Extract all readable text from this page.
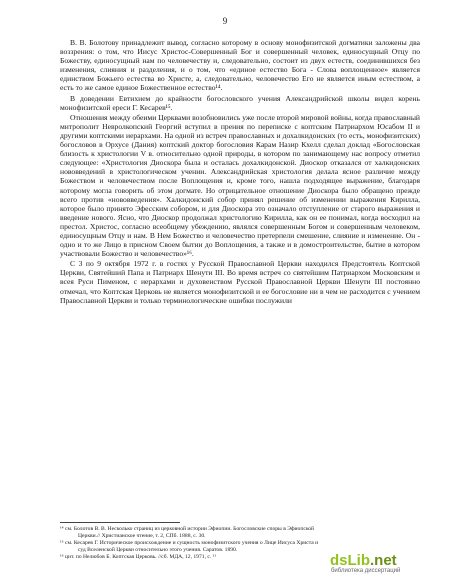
9

В. В. Болотову принадлежит вывод, согласно которому в основу монофизитской догматики заложены два воззрения: о том, что Иисус Христос-Совершенный Бог и совершенный человек, единосущный Отцу по Божеству, единосущный нам по человечеству и, следовательно, состоит из двух естеств, соединившихся без изменения, слияния и разделения, и о том, что «единое естество Бога - Слова воплощенное» является единством Божьего естества во Христе, а, следовательно, человечество Его не является иным естеством, а есть то же самое единое Божественное естество¹⁴.

В доведении Евтихием до крайности богословского учения Александрийской школы видел корень монофизитской ереси Г. Кесарев¹⁵.

Отношения между обеими Церквами возобновились уже после второй мировой войны, когда православный митрополит Невролкопский Георгий вступил в прения по переписке с коптским Патриархом Юсабом II и другими коптскими иерархами. На одной из встреч православных и дохалкидонских (то есть, монофизитских) богословов в Орхусе (Дания) коптский доктор богословия Карам Назир Кхелл сделал доклад «Богословская близость к христологии V в. относительно одной природы, в котором по занимающему нас вопросу отметил следующее: «Христология Диоскора была и осталась дохалкидонской. Диоскор отказался от халкидонских нововведений в христологическом учении. Александрийская христология делала ясное различие между Божеством и человечеством после Воплощения и, кроме того, нашла подходящее выражение, благодаря которому могла говорить об этом догмате. Но отрицательное отношение Диоскора было обращено прежде всего против «нововведения». Халкидонский собор принял решение об изменении выражения Кирилла, которое было принято Эфесским собором, и для Диоскора это означало отступление от старого выражения и введение нового. Ясно, что Диоскор продолжал христологию Кирилла, как он ее понимал, когда восходил на престол. Христос, согласно всеобщему убеждению, являлся совершенным Богом и совершенным человеком, единосущным Отцу и нам. В Нем Божество и человечество претерпели смешение, слияние и изменение. Он - одно и то же Лицо в присном Своем бытии до Воплощения, а также и в домостроительстве, бытие в котором участвовали Божество и человечество»¹⁶.

С 3 по 9 октября 1972 г. в гостях у Русской Православной Церкви находился Предстоятель Коптской Церкви, Святейший Папа и Патриарх Шенути III. Во время встреч со святейшим Патриархом Московским и всея Руси Пименом, с иерархами и духовенством Русской Православной Церкви Шенути III постоянно отмечал, что Коптская Церковь не является монофизитской и ее богословие ни в чем не расходится с учением Православной Церкви и только терминологические ошибки послужили

¹⁴ см. Болотов В. В. Несколько страниц из церковной истории Эфиопии. Богословские споры в Эфиопской
Церкви.// Христианское чтение, т. 2, СПб. 1888, с. 30.
¹⁵ см. Кесарев Г. Историческое происхождение и сущность монофизитского учения о Лице Иисуса Христа и
суд Вселенской Церкви относительно этого учения. Саратов. 1890.
¹⁶ цит. по Нелюбов Б. Коптская Церковь. //сб. МДА, 12, 1971, с. ¹¹	dsLib.net
библиотека диссертаций
